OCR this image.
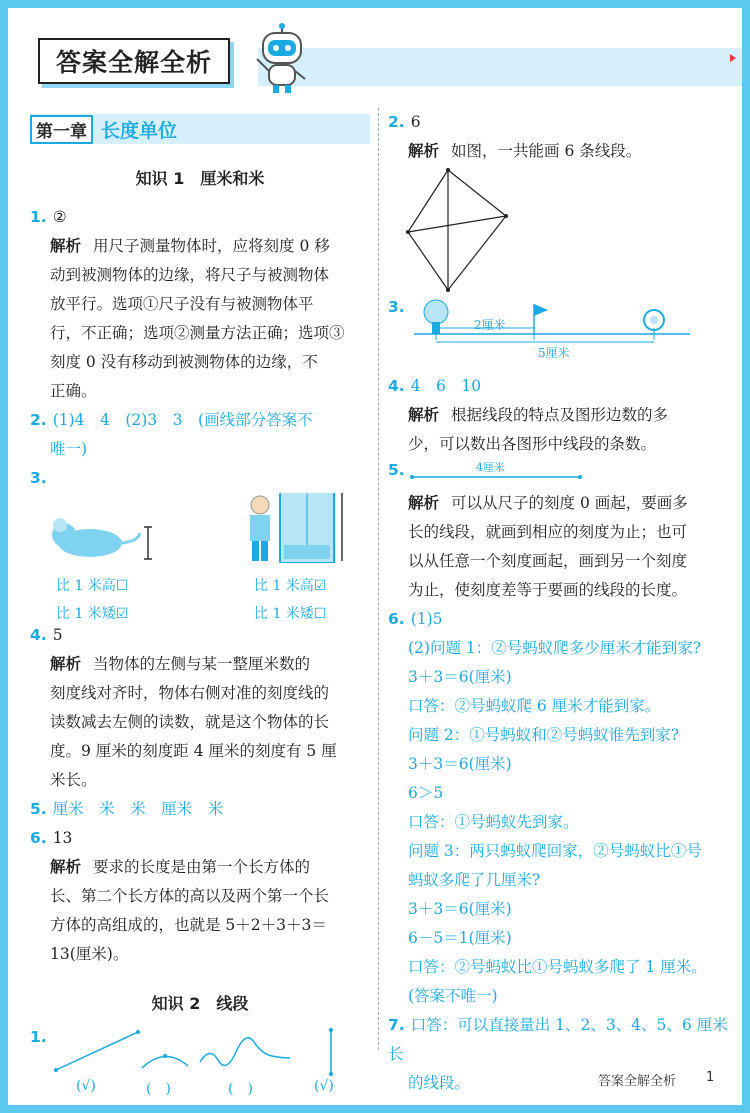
答案全解全析
第一章 长度单位
知识 1　厘米和米
1. ②
解析 用尺子测量物体时，应将刻度 0 移
动到被测物体的边缘，将尺子与被测物体
放平行。选项①尺子没有与被测物体平
行，不正确；选项②测量方法正确；选项③
刻度 0 没有移动到被测物体的边缘，不
正确。
2. (1)4　4　(2)3　3　(画线部分答案不
唯一)
3.
比 1 米高☐
比 1 米矮☑
比 1 米高☑
比 1 米矮☐
4. 5
解析 当物体的左侧与某一整厘米数的
刻度线对齐时，物体右侧对准的刻度线的
读数减去左侧的读数，就是这个物体的长
度。9 厘米的刻度距 4 厘米的刻度有 5 厘
米长。
5. 厘米　米　米　厘米　米
6. 13
解析 要求的长度是由第一个长方体的
长、第二个长方体的高以及两个第一个长
方体的高组成的，也就是 5＋2＋3＋3＝
13(厘米)。
知识 2　线段
1.
(√)	(　)	(　)	(√)
2. 6
解析 如图，一共能画 6 条线段。
3.
2厘米
5厘米
4. 4　6　10
解析 根据线段的特点及图形边数的多
少，可以数出各图形中线段的条数。
5.	4厘米
解析 可以从尺子的刻度 0 画起，要画多
长的线段，就画到相应的刻度为止；也可
以从任意一个刻度画起，画到另一个刻度
为止，使刻度差等于要画的线段的长度。
6. (1)5
(2)问题 1：②号蚂蚁爬多少厘米才能到家?
3＋3＝6(厘米)
口答：②号蚂蚁爬 6 厘米才能到家。
问题 2：①号蚂蚁和②号蚂蚁谁先到家?
3＋3＝6(厘米)
6＞5
口答：①号蚂蚁先到家。
问题 3：两只蚂蚁爬回家，②号蚂蚁比①号
蚂蚁多爬了几厘米?
3＋3＝6(厘米)
6－5＝1(厘米)
口答：②号蚂蚁比①号蚂蚁多爬了 1 厘米。
(答案不唯一)
7. 口答：可以直接量出 1、2、3、4、5、6 厘米长
的线段。	答案全解全析 1
